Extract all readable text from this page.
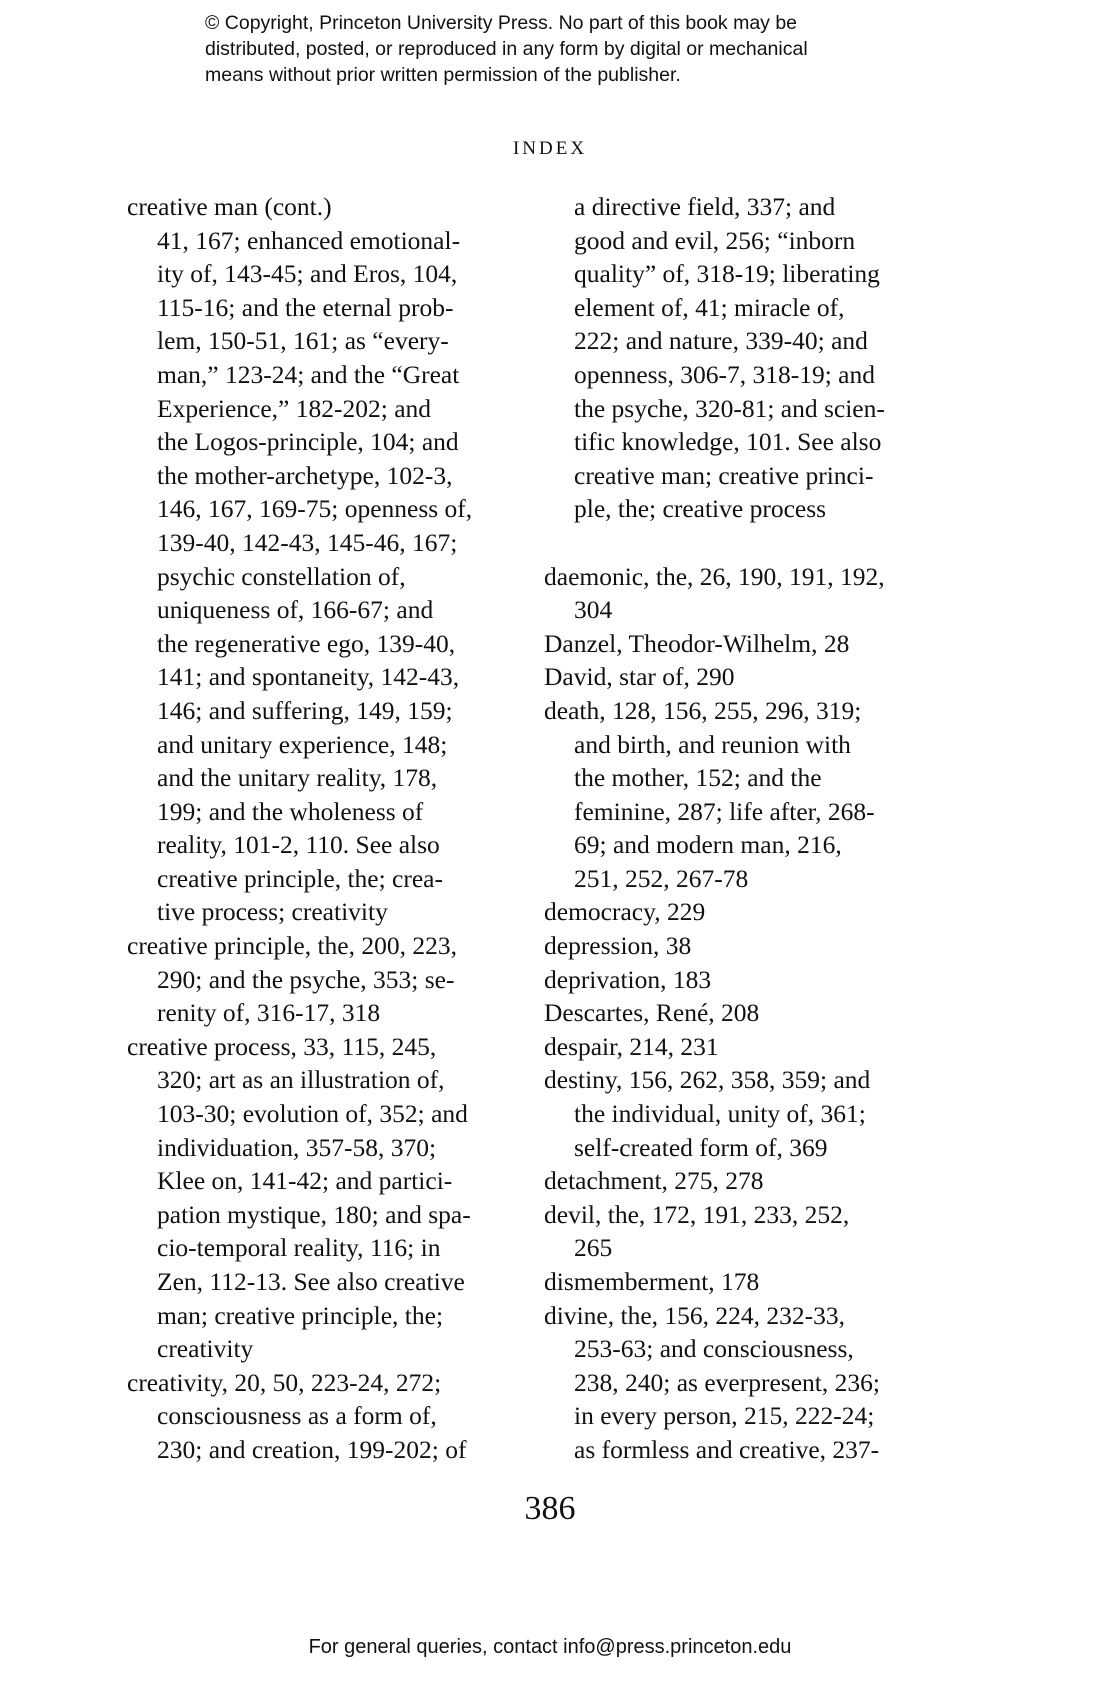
© Copyright, Princeton University Press. No part of this book may be
distributed, posted, or reproduced in any form by digital or mechanical
means without prior written permission of the publisher.
INDEX
creative man (cont.)
41, 167; enhanced emotional-
ity of, 143-45; and Eros, 104,
115-16; and the eternal prob-
lem, 150-51, 161; as “every-
man,” 123-24; and the “Great
Experience,” 182-202; and
the Logos-principle, 104; and
the mother-archetype, 102-3,
146, 167, 169-75; openness of,
139-40, 142-43, 145-46, 167;
psychic constellation of,
uniqueness of, 166-67; and
the regenerative ego, 139-40,
141; and spontaneity, 142-43,
146; and suffering, 149, 159;
and unitary experience, 148;
and the unitary reality, 178,
199; and the wholeness of
reality, 101-2, 110. See also
creative principle, the; crea-
tive process; creativity
creative principle, the, 200, 223,
290; and the psyche, 353; se-
renity of, 316-17, 318
creative process, 33, 115, 245,
320; art as an illustration of,
103-30; evolution of, 352; and
individuation, 357-58, 370;
Klee on, 141-42; and partici-
pation mystique, 180; and spa-
cio-temporal reality, 116; in
Zen, 112-13. See also creative
man; creative principle, the;
creativity
creativity, 20, 50, 223-24, 272;
consciousness as a form of,
230; and creation, 199-202; of
a directive field, 337; and
good and evil, 256; “inborn
quality” of, 318-19; liberating
element of, 41; miracle of,
222; and nature, 339-40; and
openness, 306-7, 318-19; and
the psyche, 320-81; and scien-
tific knowledge, 101. See also
creative man; creative princi-
ple, the; creative process
daemonic, the, 26, 190, 191, 192,
304
Danzel, Theodor-Wilhelm, 28
David, star of, 290
death, 128, 156, 255, 296, 319;
and birth, and reunion with
the mother, 152; and the
feminine, 287; life after, 268-
69; and modern man, 216,
251, 252, 267-78
democracy, 229
depression, 38
deprivation, 183
Descartes, René, 208
despair, 214, 231
destiny, 156, 262, 358, 359; and
the individual, unity of, 361;
self-created form of, 369
detachment, 275, 278
devil, the, 172, 191, 233, 252,
265
dismemberment, 178
divine, the, 156, 224, 232-33,
253-63; and consciousness,
238, 240; as everpresent, 236;
in every person, 215, 222-24;
as formless and creative, 237-
386
For general queries, contact info@press.princeton.edu
